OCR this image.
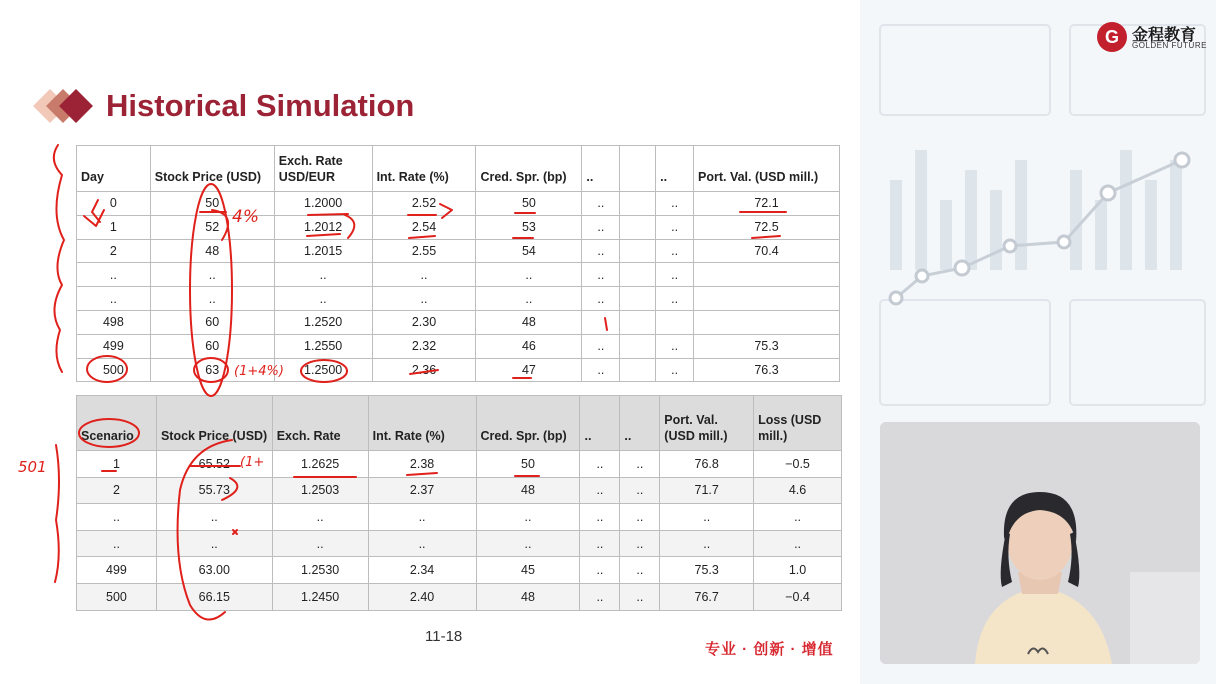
Historical Simulation
Day	Stock Price (USD)	Exch. Rate USD/EUR	Int. Rate (%)	Cred. Spr. (bp)	..		..	Port. Val. (USD mill.)
0	50	1.2000	2.52	50	..		..	72.1
1	52	1.2012	2.54	53	..		..	72.5
2	48	1.2015	2.55	54	..		..	70.4
..	..	..	..	..	..		..	
..	..	..	..	..	..		..	
498	60	1.2520	2.30	48				
499	60	1.2550	2.32	46	..		..	75.3
500	63	1.2500	2.36	47	..		..	76.3
Scenario	Stock Price (USD)	Exch. Rate	Int. Rate (%)	Cred. Spr. (bp)	..	..	Port. Val. (USD mill.)	Loss (USD mill.)
1	65.52	1.2625	2.38	50	..	..	76.8	−0.5
2	55.73	1.2503	2.37	48	..	..	71.7	4.6
..	..	..	..	..	..	..	..	..
..	..	..	..	..	..	..	..	..
499	63.00	1.2530	2.34	45	..	..	75.3	1.0
500	66.15	1.2450	2.40	48	..	..	76.7	−0.4
11-18
专业 · 创新 · 增值
4%
(1+4%)
(1+
501
G 金程教育
GOLDEN FUTURE
